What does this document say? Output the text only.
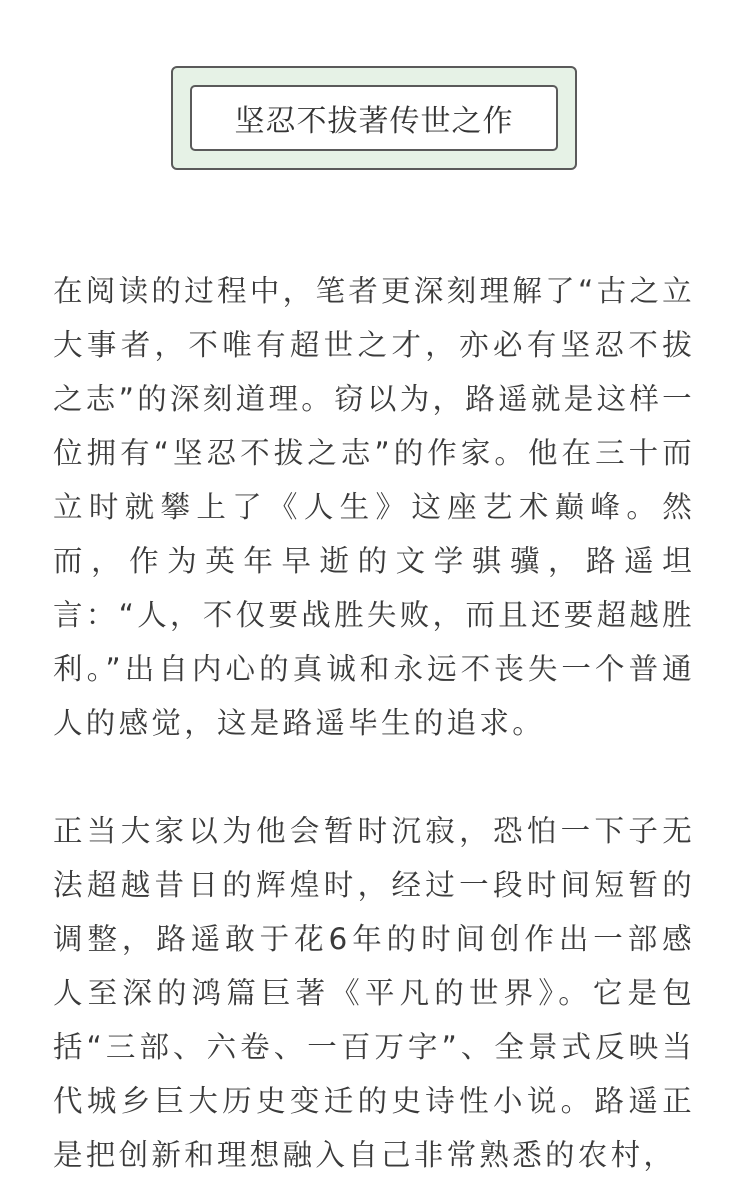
坚忍不拔著传世之作

在阅读的过程中，笔者更深刻理解了“古之立大事者，不唯有超世之才，亦必有坚忍不拔之志”的深刻道理。窃以为，路遥就是这样一位拥有“坚忍不拔之志”的作家。他在三十而立时就攀上了《人生》这座艺术巅峰。然而，作为英年早逝的文学骐骥，路遥坦言：“人，不仅要战胜失败，而且还要超越胜利。”出自内心的真诚和永远不丧失一个普通人的感觉，这是路遥毕生的追求。

正当大家以为他会暂时沉寂，恐怕一下子无法超越昔日的辉煌时，经过一段时间短暂的调整，路遥敢于花6年的时间创作出一部感人至深的鸿篇巨著《平凡的世界》。它是包括“三部、六卷、一百万字”、全景式反映当代城乡巨大历史变迁的史诗性小说。路遥正是把创新和理想融入自己非常熟悉的农村，
